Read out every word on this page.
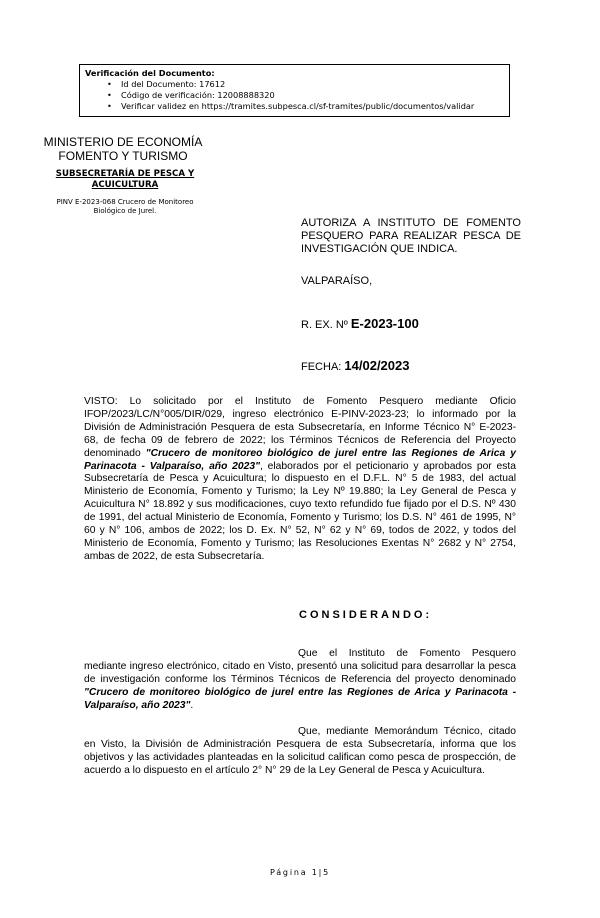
Verificación del Documento:
• Id del Documento: 17612
• Código de verificación: 12008888320
• Verificar validez en https://tramites.subpesca.cl/sf-tramites/public/documentos/validar
MINISTERIO DE ECONOMÍA
FOMENTO Y TURISMO
SUBSECRETARÍA DE PESCA Y
ACUICULTURA
PINV E-2023-068 Crucero de Monitoreo
Biológico de Jurel.
AUTORIZA A INSTITUTO DE FOMENTO PESQUERO PARA REALIZAR PESCA DE INVESTIGACIÓN QUE INDICA.
VALPARAÍSO,
R. EX. Nº E-2023-100
FECHA: 14/02/2023
VISTO: Lo solicitado por el Instituto de Fomento Pesquero mediante Oficio IFOP/2023/LC/N°005/DIR/029, ingreso electrónico E-PINV-2023-23; lo informado por la División de Administración Pesquera de esta Subsecretaría, en Informe Técnico N° E-2023-68, de fecha 09 de febrero de 2022; los Términos Técnicos de Referencia del Proyecto denominado "Crucero de monitoreo biológico de jurel entre las Regiones de Arica y Parinacota - Valparaíso, año 2023", elaborados por el peticionario y aprobados por esta Subsecretaría de Pesca y Acuicultura; lo dispuesto en el D.F.L. N° 5 de 1983, del actual Ministerio de Economía, Fomento y Turismo; la Ley Nº 19.880; la Ley General de Pesca y Acuicultura N° 18.892 y sus modificaciones, cuyo texto refundido fue fijado por el D.S. Nº 430 de 1991, del actual Ministerio de Economía, Fomento y Turismo; los D.S. N° 461 de 1995, N° 60 y N° 106, ambos de 2022; los D. Ex. N° 52, N° 62 y N° 69, todos de 2022, y todos del Ministerio de Economía, Fomento y Turismo; las Resoluciones Exentas N° 2682 y N° 2754, ambas de 2022, de esta Subsecretaría.
CONSIDERANDO:
Que el Instituto de Fomento Pesquero mediante ingreso electrónico, citado en Visto, presentó una solicitud para desarrollar la pesca de investigación conforme los Términos Técnicos de Referencia del proyecto denominado "Crucero de monitoreo biológico de jurel entre las Regiones de Arica y Parinacota - Valparaíso, año 2023".
Que, mediante Memorándum Técnico, citado en Visto, la División de Administración Pesquera de esta Subsecretaría, informa que los objetivos y las actividades planteadas en la solicitud califican como pesca de prospección, de acuerdo a lo dispuesto en el artículo 2° N° 29 de la Ley General de Pesca y Acuicultura.
Página 1|5
